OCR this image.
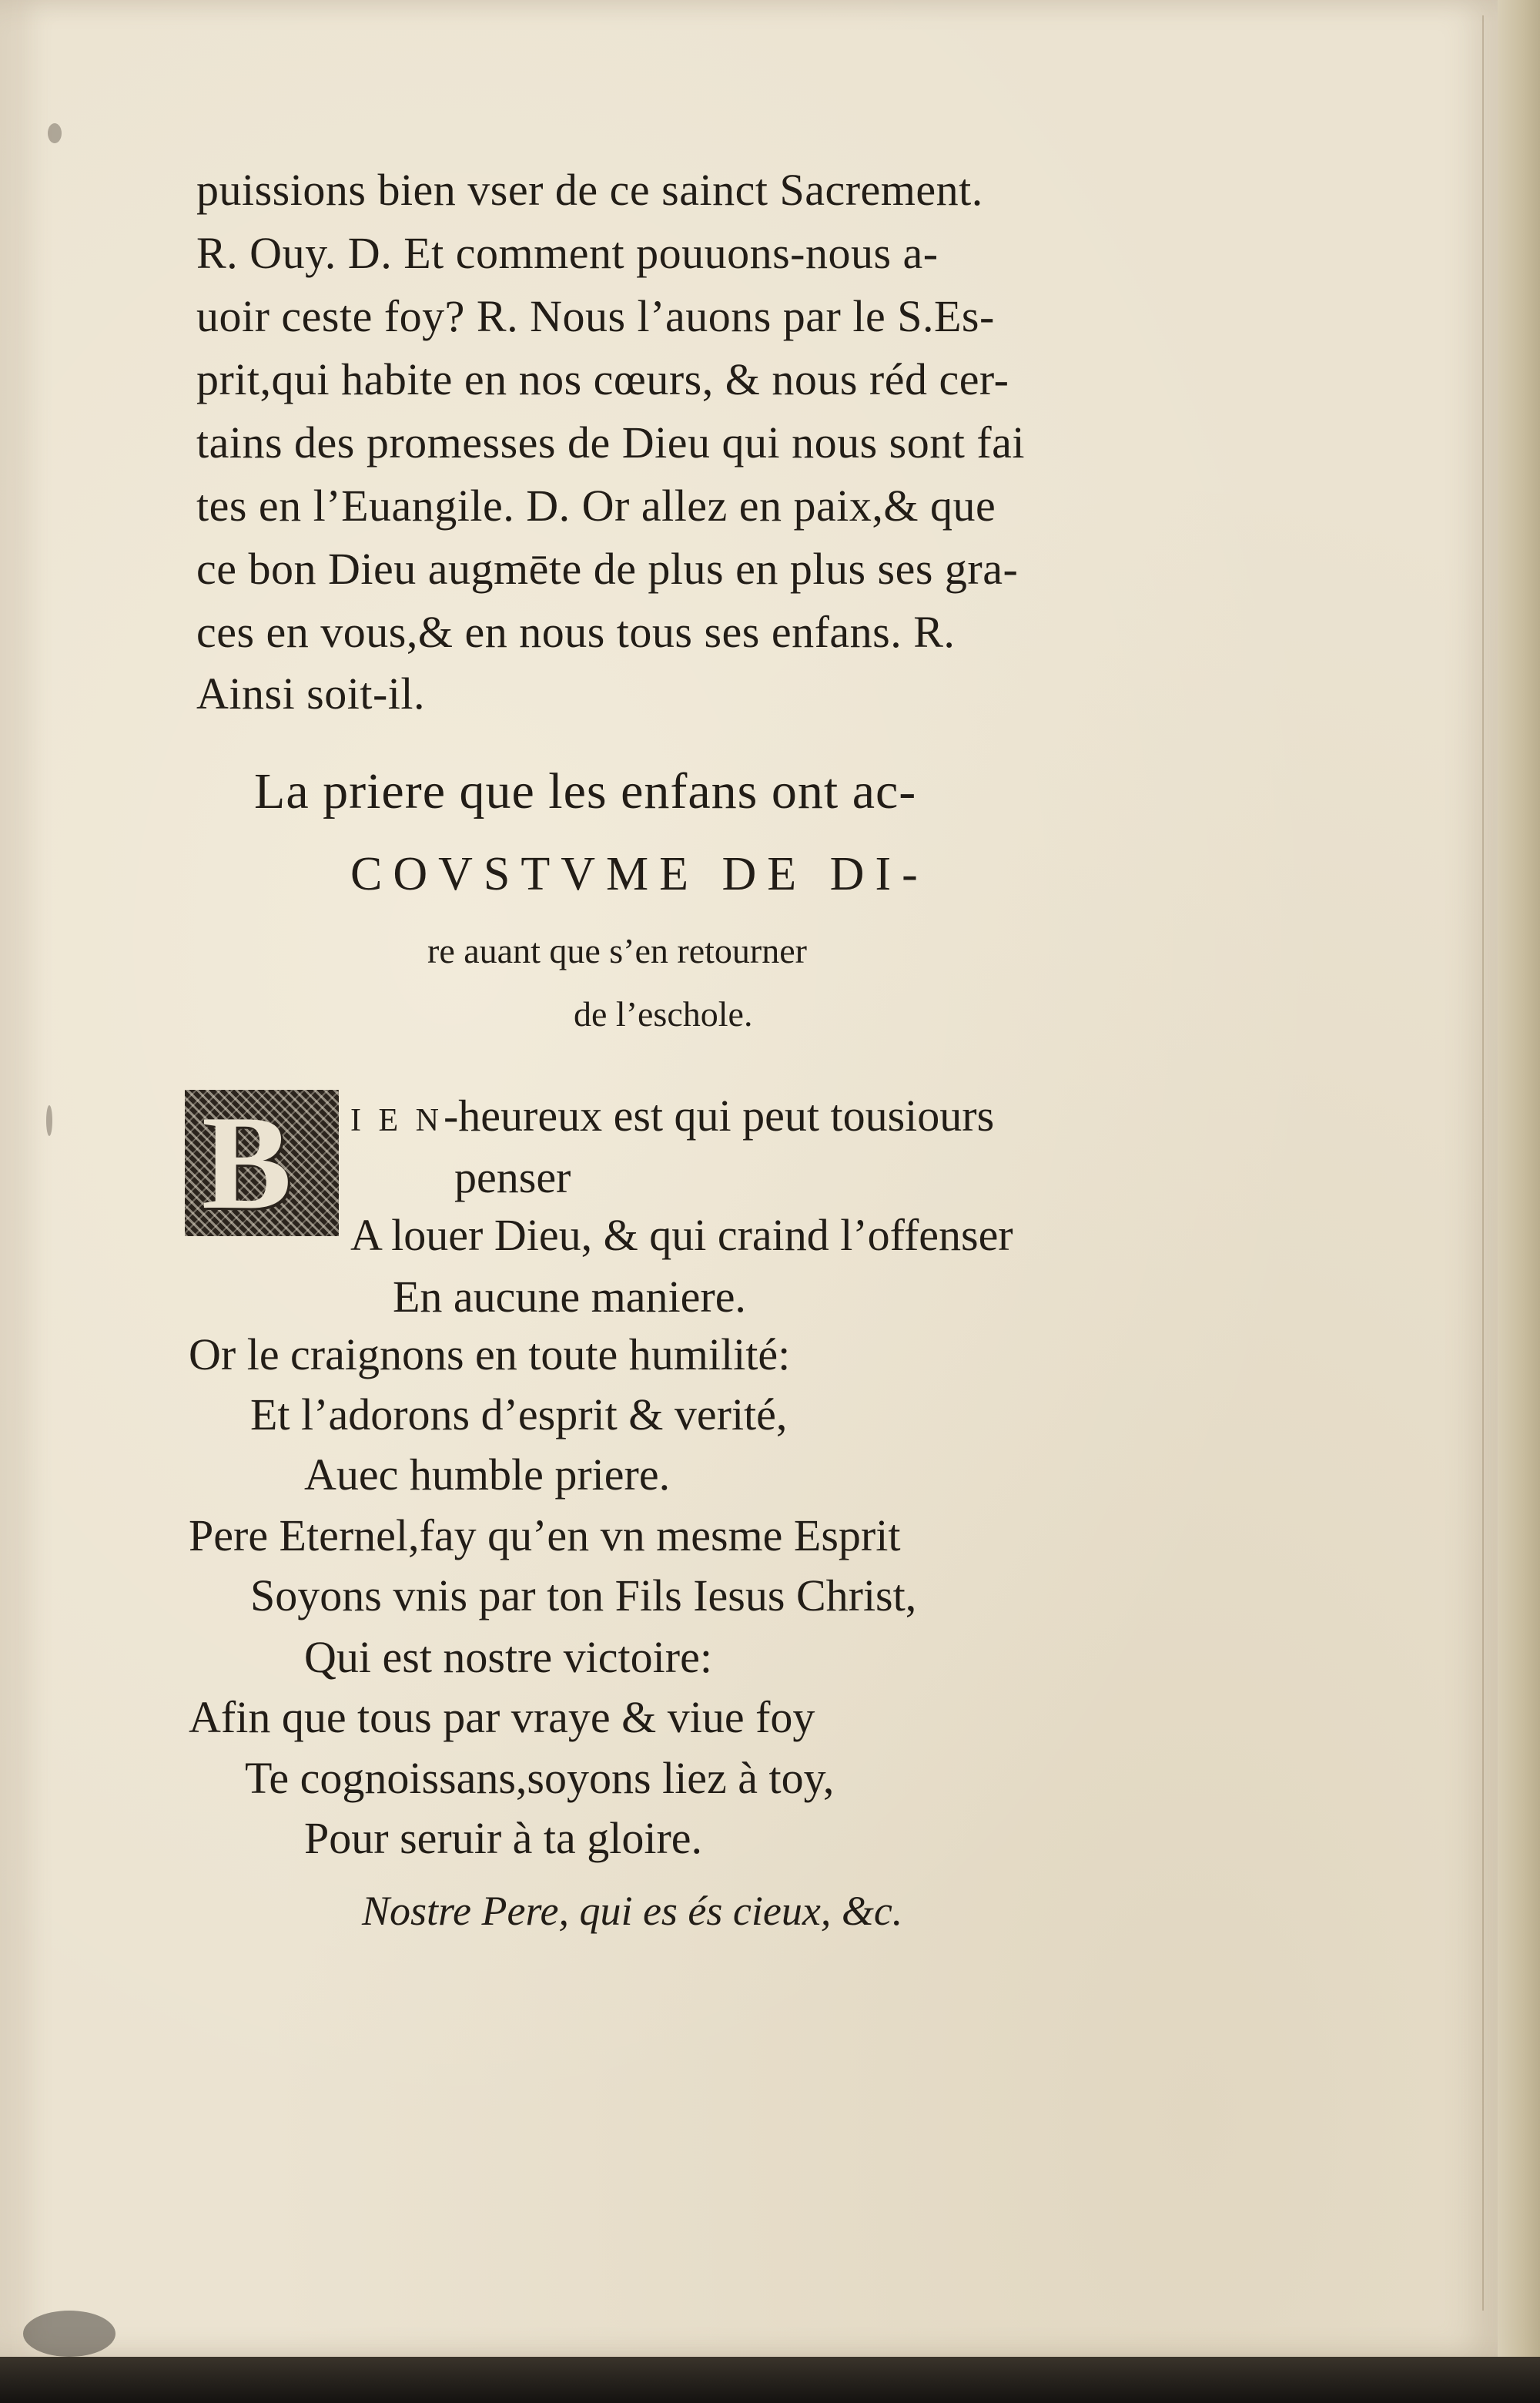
puissions bien vser de ce sainct Sacrement.
R. Ouy. D. Et comment pouuons-nous a-
uoir ceste foy? R. Nous l’auons par le S.Es-
prit,qui habite en nos cœurs, & nous réd cer-
tains des promesses de Dieu qui nous sont fai
tes en l’Euangile. D. Or allez en paix,& que
ce bon Dieu augmēte de plus en plus ses gra-
ces en vous,& en nous tous ses enfans. R.
Ainsi soit-il.
La priere que les enfans ont ac-
COVSTVME DE DI-
re auant que s’en retourner
de l’eschole.
B I E N-heureux est qui peut tousiours
penser
A louer Dieu, & qui craind l’offenser
En aucune maniere.
Or le craignons en toute humilité:
Et l’adorons d’esprit & verité,
Auec humble priere.
Pere Eternel,fay qu’en vn mesme Esprit
Soyons vnis par ton Fils Iesus Christ,
Qui est nostre victoire:
Afin que tous par vraye & viue foy
Te cognoissans,soyons liez à toy,
Pour seruir à ta gloire.
Nostre Pere, qui es és cieux, &c.
